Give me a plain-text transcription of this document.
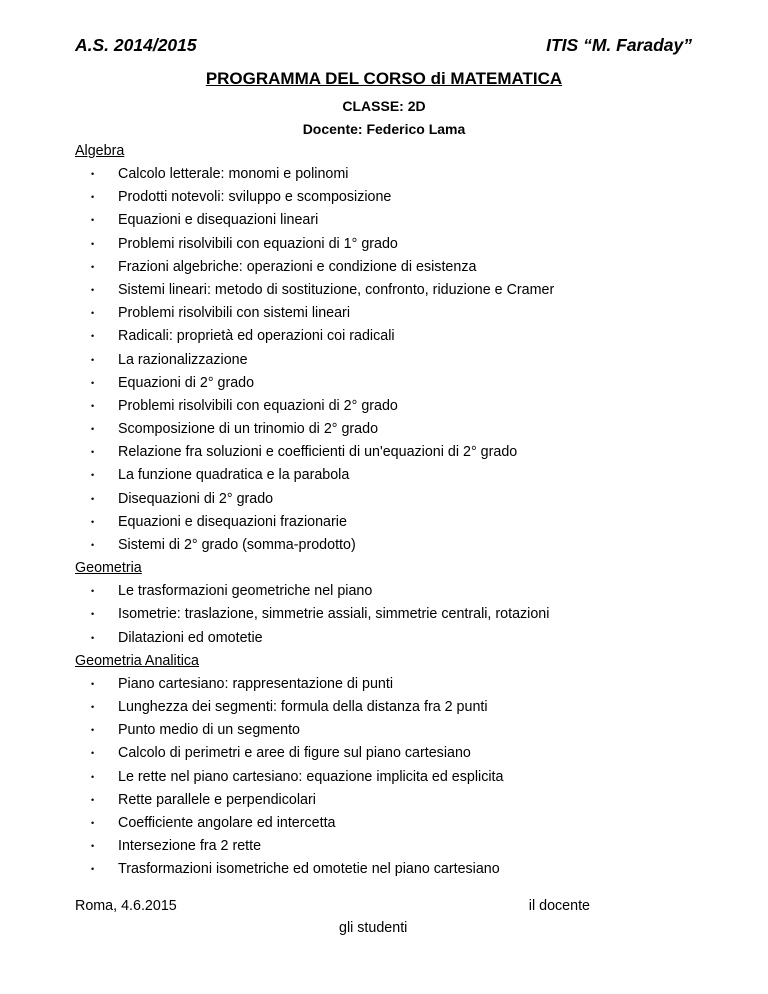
A.S. 2014/2015	ITIS “M. Faraday”
PROGRAMMA DEL CORSO di MATEMATICA
CLASSE: 2D
Docente: Federico Lama
Algebra
• Calcolo letterale: monomi e polinomi
• Prodotti notevoli: sviluppo e scomposizione
• Equazioni e disequazioni lineari
• Problemi risolvibili con equazioni di 1° grado
• Frazioni algebriche: operazioni e condizione di esistenza
• Sistemi lineari: metodo di sostituzione, confronto, riduzione e Cramer
• Problemi risolvibili con sistemi lineari
• Radicali: proprietà ed operazioni coi radicali
• La razionalizzazione
• Equazioni di 2° grado
• Problemi risolvibili con equazioni di 2° grado
• Scomposizione di un trinomio di 2° grado
• Relazione fra soluzioni e coefficienti di un'equazioni di 2° grado
• La funzione quadratica e la parabola
• Disequazioni di 2° grado
• Equazioni e disequazioni frazionarie
• Sistemi di 2° grado (somma-prodotto)
Geometria
• Le trasformazioni geometriche nel piano
• Isometrie: traslazione, simmetrie assiali, simmetrie centrali, rotazioni
• Dilatazioni ed omotetie
Geometria Analitica
• Piano cartesiano: rappresentazione di punti
• Lunghezza dei segmenti: formula della distanza fra 2 punti
• Punto medio di un segmento
• Calcolo di perimetri e aree di figure sul piano cartesiano
• Le rette nel piano cartesiano: equazione implicita ed esplicita
• Rette parallele e perpendicolari
• Coefficiente angolare ed intercetta
• Intersezione fra 2 rette
• Trasformazioni isometriche ed omotetie nel piano cartesiano
Roma, 4.6.2015	il docente
gli studenti
